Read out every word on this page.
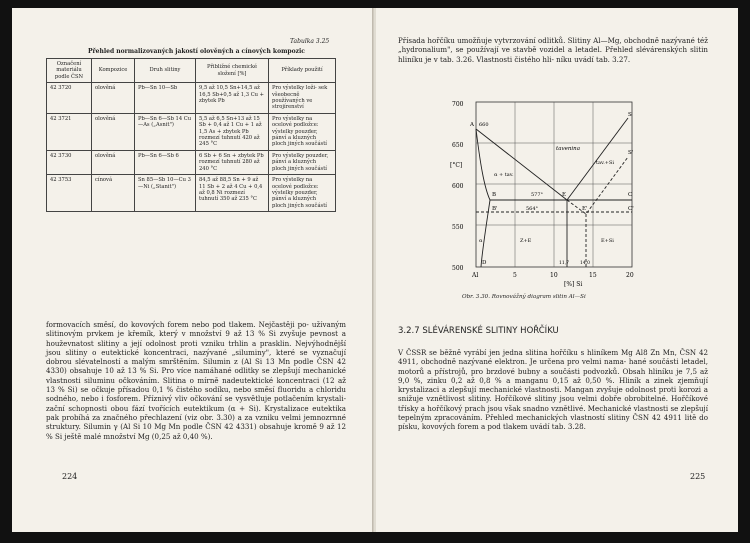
Tabulka 3.25
Přehled normalizovaných jakostí olověných a cínových kompozic
Označení materiálu podle ČSN	Kompozice	Druh slitiny	Přibližné chemické složení [%]	Příklady použití
42 3720	olověná	Pb—Sn 10—Sb	9,5 až 10,5 Sn+14,5 až 16,5 Sb+0,5 až 1,3 Cu + zbytek Pb	Pro výstelky loži- sek všeobecně používaných ve strojírenství
42 3721	olověná	Pb—Sn 6—Sb 14 Cu—As („Asnit")	5,5 až 6,5 Sn+13 až 15 Sb + 0,4 až 1 Cu + 1 až 1,5 As + zbytek Pb rozmezí tuhnutí 420 až 245 °C	Pro výstelky na ocelové podložce: výstelky pouzder, pánví a kluzných ploch jiných součástí
42 3730	olověná	Pb—Sn 6—Sb 6	6 Sb + 6 Sn + zbytek Pb rozmezí tuhnutí 280 až 240 °C	Pro výstelky pouzder, pánví a kluzných ploch jiných součástí
42 3753	cínová	Sn 85—Sb 10—Cu 3—Ni („Stanit")	84,5 až 88,5 Sn + 9 až 11 Sb + 2 až 4 Cu + 0,4 až 0,8 Ni rozmezí tuhnutí 350 až 235 °C	Pro výstelky na ocelové podložce: výstelky pouzder, pánví a kluzných ploch jiných součástí

formovacích směsí, do kovových forem nebo pod tlakem. Nejčastěji po- užívaným slitinovým prvkem je křemík, který v množství 9 až 13 % Si zvyšuje pevnost a houževnatost slitiny a její odolnost proti vzniku trhlin a prasklin. Nejvýhodnější jsou slitiny o eutektické koncentraci, nazývané „siluminy", které se vyznačují dobrou slévatelností a malým smrštěním. Silumin z (Al Si 13 Mn podle ČSN 42 4330) obsahuje 10 až 13 % Si. Pro více namáhané odlitky se zlepšují mechanické vlastnosti siluminu očkováním. Slitina o mírně nadeutektické koncentraci (12 až 13 % Si) se očkuje přísadou 0,1 % čistého sodíku, nebo směsí fluoridu a chloridu sodného, nebo i fosforem. Příznivý vliv očkování se vysvětluje potlačením krystali- zační schopnosti obou fází tvořících eutektikum (α + Si). Krystalizace eutektika pak probíhá za značného přechlazení (viz obr. 3.30) a za vzniku velmi jemnozrnné struktury. Silumin γ (Al Si 10 Mg Mn podle ČSN 42 4331) obsahuje kromě 9 až 12 % Si ještě malé množství Mg (0,25 až 0,40 %).

224

Přísada hořčíku umožňuje vytvrzování odlitků. Slitiny Al—Mg, obchodně nazývané též „hydronalium", se používají ve stavbě vozidel a letadel. Přehled slévárenských slitin hliníku je v tab. 3.26. Vlastnosti čistého hli- níku uvádí tab. 3.27.

700
650
600
550
500
[°C]
Al	5	10	15	20
[%] Si
tavenina
tav.+Si
α + tav.
577°
564°
Z+E	E+Si
α
A 660
B
B'
E
E'
C
C'
S
S'
D	11,7 14,0
Obr. 3.30. Rovnovážný diagram slitin Al—Si
3.2.7 SLÉVÁRENSKÉ SLITINY HOŘČÍKU

V ČSSR se běžně vyrábí jen jedna slitina hořčíku s hliníkem Mg Al8 Zn Mn, ČSN 42 4911, obchodně nazývané elektron. Je určena pro velmi nama- hané součásti letadel, motorů a přístrojů, pro brzdové bubny a součásti podvozků. Obsah hliníku je 7,5 až 9,0 %, zinku 0,2 až 0,8 % a manganu 0,15 až 0,50 %. Hliník a zinek zjemňují krystalizaci a zlepšují mechanické vlastnosti. Mangan zvyšuje odolnost proti korozi a snižuje vznětlivost slitiny. Hořčíkové slitiny jsou velmi dobře obrobitelné. Hořčíkové třísky a hořčíkový prach jsou však snadno vznětlivé. Mechanické vlastnosti se zlepšují tepelným zpracováním. Přehled mechanických vlastností slitiny ČSN 42 4911 litě do písku, kovových forem a pod tlakem uvádí tab. 3.28.

225
